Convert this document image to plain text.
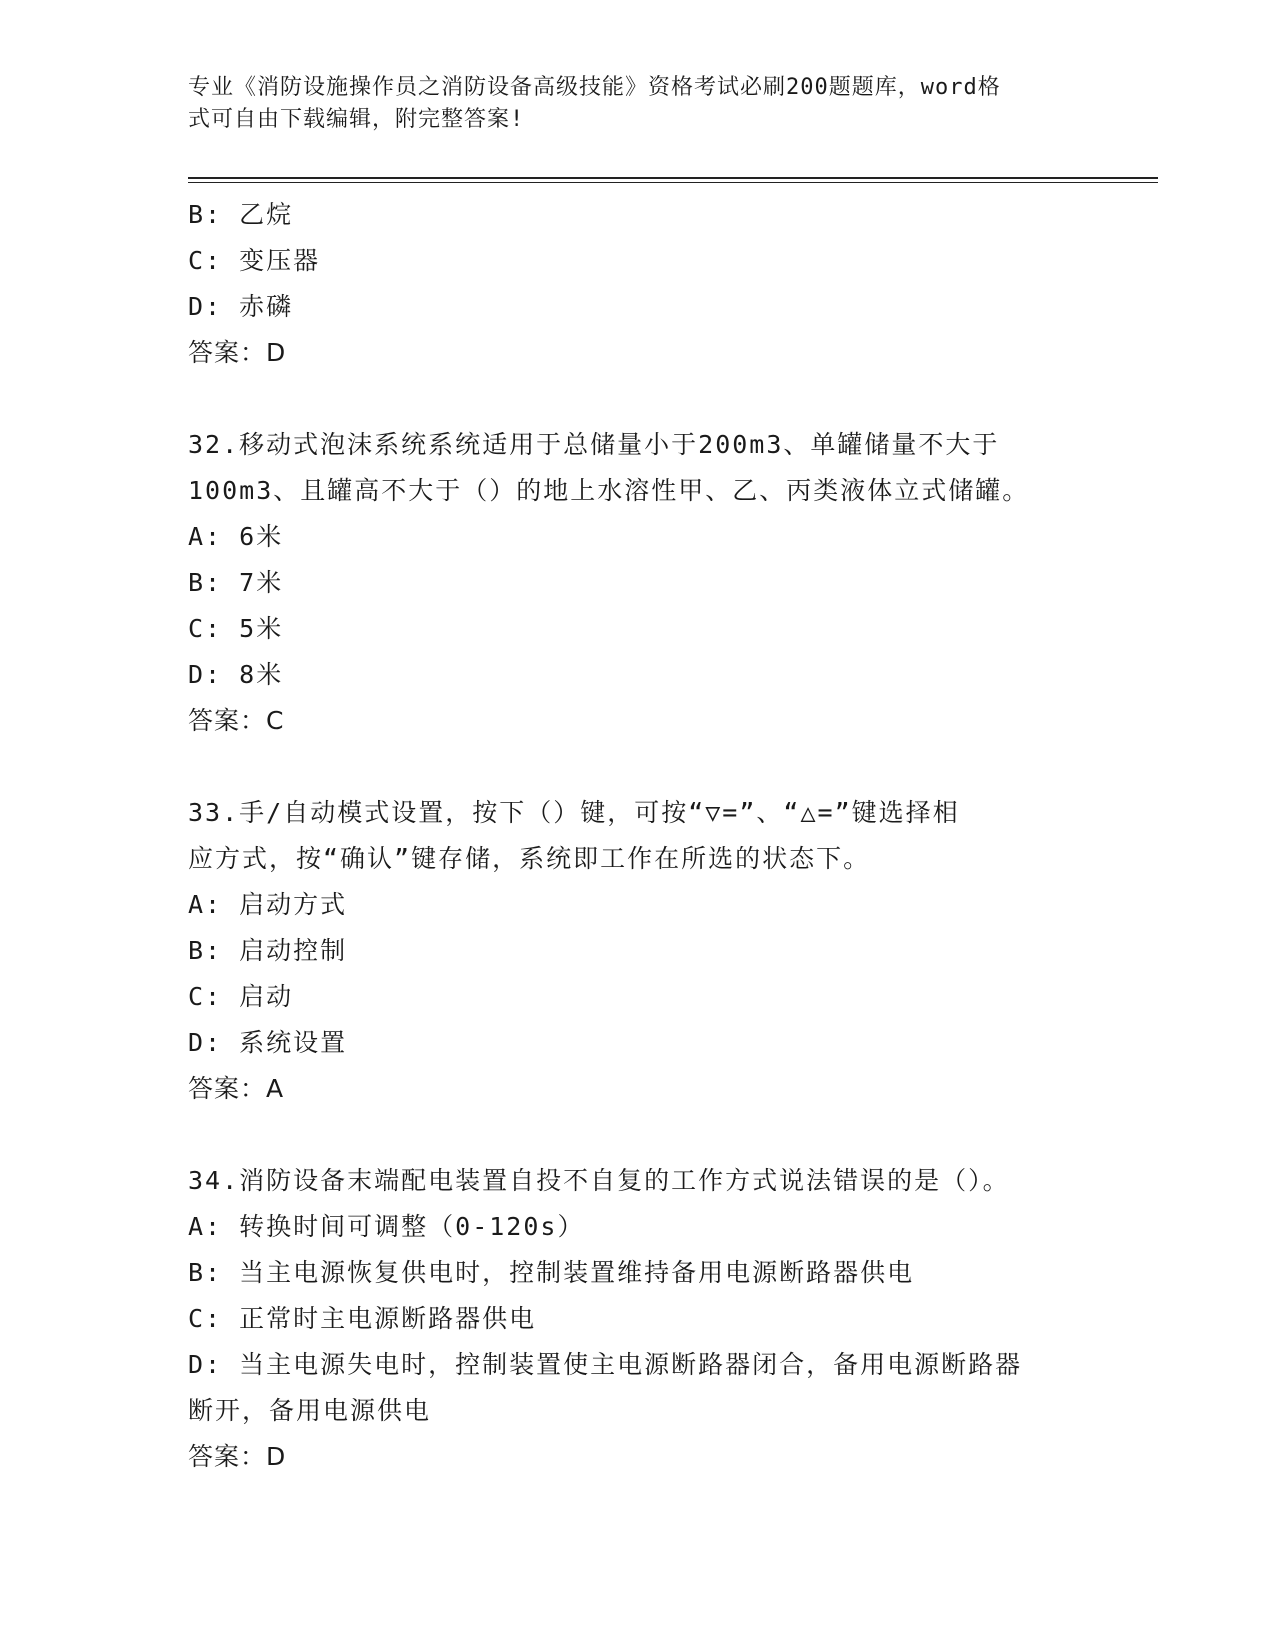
专业《消防设施操作员之消防设备高级技能》资格考试必刷200题题库，word格
式可自由下载编辑，附完整答案!
B: 乙烷
C: 变压器
D: 赤磷
答案：D
32.移动式泡沫系统系统适用于总储量小于200m3、单罐储量不大于
100m3、且罐高不大于（）的地上水溶性甲、乙、丙类液体立式储罐。
A: 6米
B: 7米
C: 5米
D: 8米
答案：C
33.手/自动模式设置，按下（）键，可按“▽=”、“△=”键选择相
应方式，按“确认”键存储，系统即工作在所选的状态下。
A: 启动方式
B: 启动控制
C: 启动
D: 系统设置
答案：A
34.消防设备末端配电装置自投不自复的工作方式说法错误的是（）。
A: 转换时间可调整（0-120s）
B: 当主电源恢复供电时，控制装置维持备用电源断路器供电
C: 正常时主电源断路器供电
D: 当主电源失电时，控制装置使主电源断路器闭合，备用电源断路器
断开，备用电源供电
答案：D
